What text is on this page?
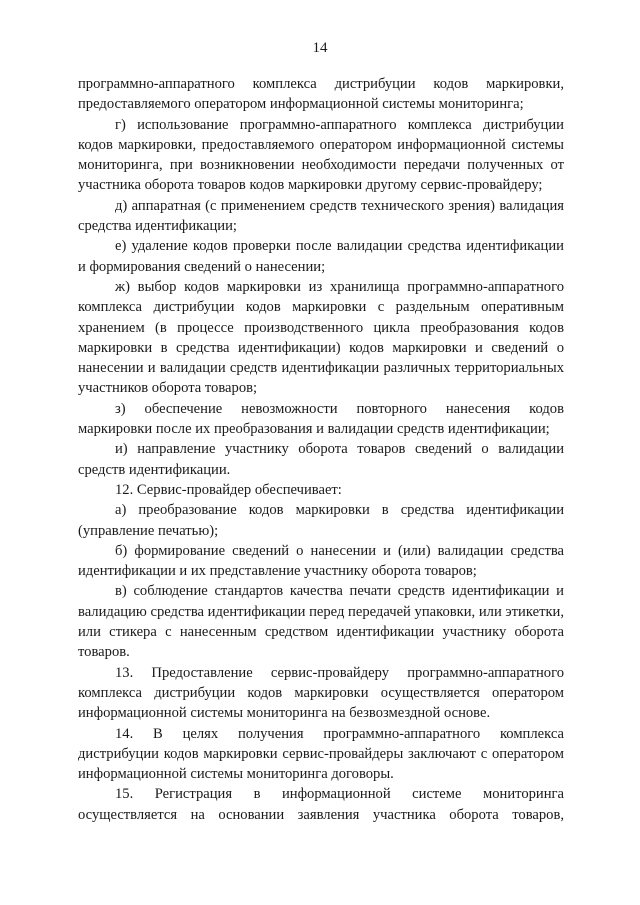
14

программно-аппаратного комплекса дистрибуции кодов маркировки, предоставляемого оператором информационной системы мониторинга;

г) использование программно-аппаратного комплекса дистрибуции кодов маркировки, предоставляемого оператором информационной системы мониторинга, при возникновении необходимости передачи полученных от участника оборота товаров кодов маркировки другому сервис-провайдеру;

д) аппаратная (с применением средств технического зрения) валидация средства идентификации;

е) удаление кодов проверки после валидации средства идентификации и формирования сведений о нанесении;

ж) выбор кодов маркировки из хранилища программно-аппаратного комплекса дистрибуции кодов маркировки с раздельным оперативным хранением (в процессе производственного цикла преобразования кодов маркировки в средства идентификации) кодов маркировки и сведений о нанесении и валидации средств идентификации различных территориальных участников оборота товаров;

з) обеспечение невозможности повторного нанесения кодов маркировки после их преобразования и валидации средств идентификации;

и) направление участнику оборота товаров сведений о валидации средств идентификации.

12. Сервис-провайдер обеспечивает:

а) преобразование кодов маркировки в средства идентификации (управление печатью);

б) формирование сведений о нанесении и (или) валидации средства идентификации и их представление участнику оборота товаров;

в) соблюдение стандартов качества печати средств идентификации и валидацию средства идентификации перед передачей упаковки, или этикетки, или стикера с нанесенным средством идентификации участнику оборота товаров.

13. Предоставление сервис-провайдеру программно-аппаратного комплекса дистрибуции кодов маркировки осуществляется оператором информационной системы мониторинга на безвозмездной основе.

14. В целях получения программно-аппаратного комплекса дистрибуции кодов маркировки сервис-провайдеры заключают с оператором информационной системы мониторинга договоры.

15. Регистрация в информационной системе мониторинга осуществляется на основании заявления участника оборота товаров,
